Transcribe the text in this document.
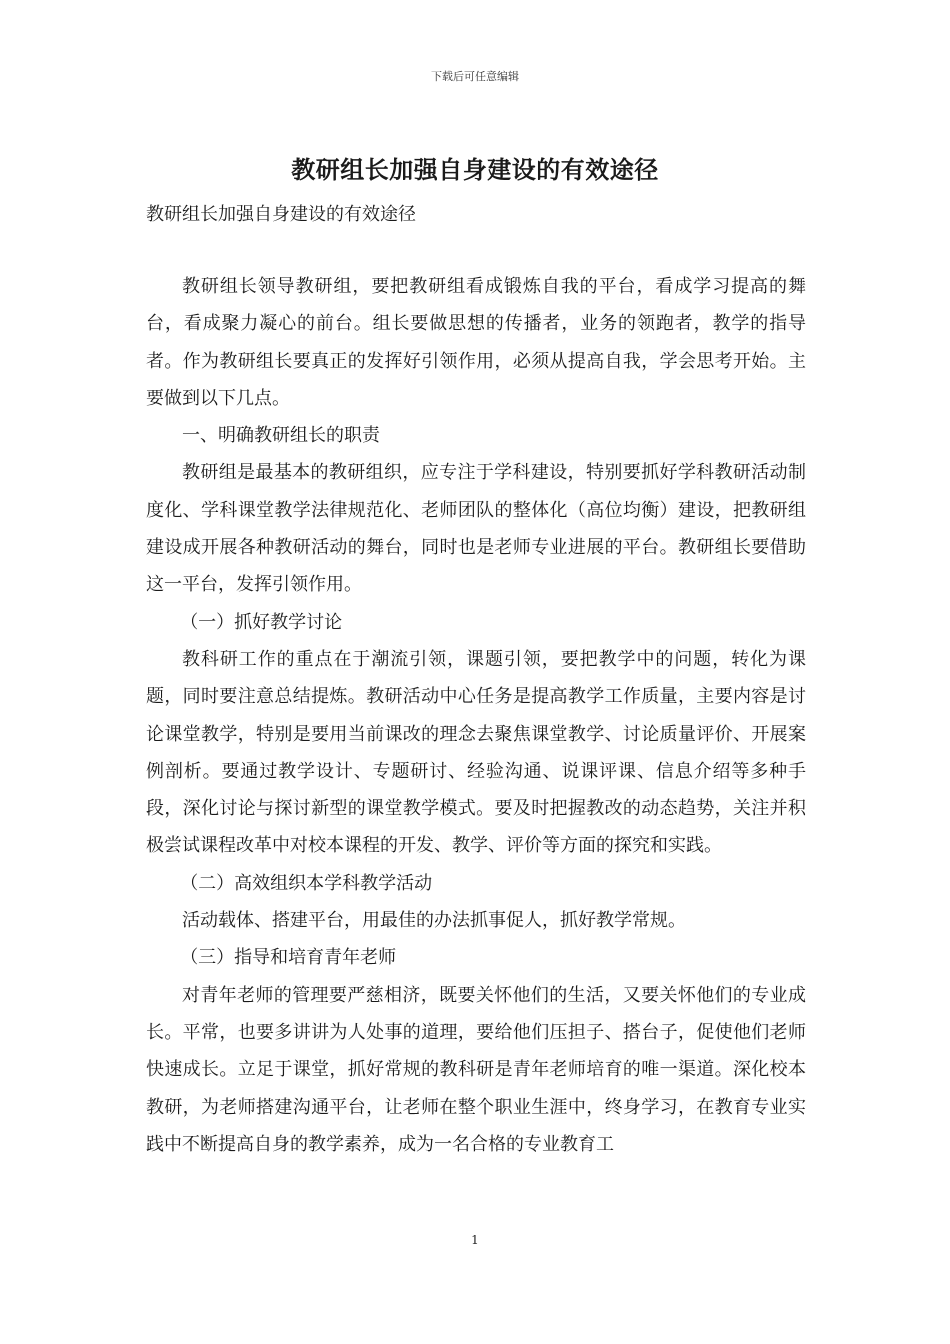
下载后可任意编辑
教研组长加强自身建设的有效途径
教研组长加强自身建设的有效途径

教研组长领导教研组，要把教研组看成锻炼自我的平台，看成学习提高的舞台，看成聚力凝心的前台。组长要做思想的传播者，业务的领跑者，教学的指导者。作为教研组长要真正的发挥好引领作用，必须从提高自我，学会思考开始。主要做到以下几点。

一、明确教研组长的职责

教研组是最基本的教研组织，应专注于学科建设，特别要抓好学科教研活动制度化、学科课堂教学法律规范化、老师团队的整体化（高位均衡）建设，把教研组建设成开展各种教研活动的舞台，同时也是老师专业进展的平台。教研组长要借助这一平台，发挥引领作用。

（一）抓好教学讨论

教科研工作的重点在于潮流引领，课题引领，要把教学中的问题，转化为课题，同时要注意总结提炼。教研活动中心任务是提高教学工作质量，主要内容是讨论课堂教学，特别是要用当前课改的理念去聚焦课堂教学、讨论质量评价、开展案例剖析。要通过教学设计、专题研讨、经验沟通、说课评课、信息介绍等多种手段，深化讨论与探讨新型的课堂教学模式。要及时把握教改的动态趋势，关注并积极尝试课程改革中对校本课程的开发、教学、评价等方面的探究和实践。

（二）高效组织本学科教学活动

活动载体、搭建平台，用最佳的办法抓事促人，抓好教学常规。

（三）指导和培育青年老师

对青年老师的管理要严慈相济，既要关怀他们的生活，又要关怀他们的专业成长。平常，也要多讲讲为人处事的道理，要给他们压担子、搭台子，促使他们老师快速成长。立足于课堂，抓好常规的教科研是青年老师培育的唯一渠道。深化校本教研，为老师搭建沟通平台，让老师在整个职业生涯中，终身学习，在教育专业实践中不断提高自身的教学素养，成为一名合格的专业教育工

1
